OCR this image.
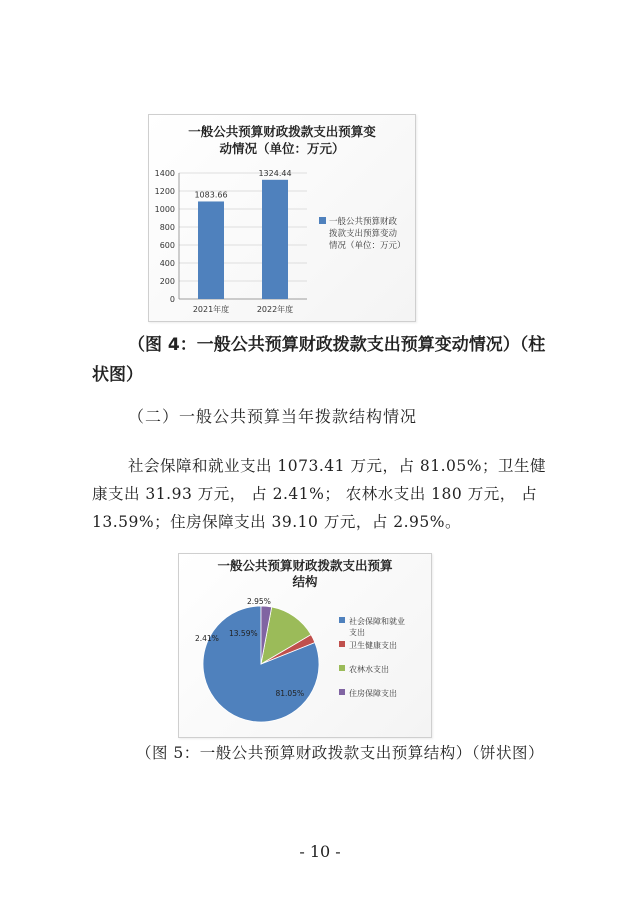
一般公共预算财政拨款支出预算变
动情况（单位：万元）
0
200
400
600
800
1000
1200
1400
1083.66
1324.44
2021年度	2022年度
一般公共预算财政
拨款支出预算变动
情况（单位：万元）
（图 4：一般公共预算财政拨款支出预算变动情况）（柱
状图）
（二）一般公共预算当年拨款结构情况
社会保障和就业支出 1073.41 万元，占 81.05%；卫生健
康支出 31.93 万元， 占 2.41%； 农林水支出 180 万元， 占
13.59%；住房保障支出 39.10 万元，占 2.95%。
一般公共预算财政拨款支出预算
结构
81.05%
2.41%
13.59%
2.95%
社会保障和就业
支出
卫生健康支出
农林水支出
住房保障支出
（图 5：一般公共预算财政拨款支出预算结构）（饼状图）
- 10 -
